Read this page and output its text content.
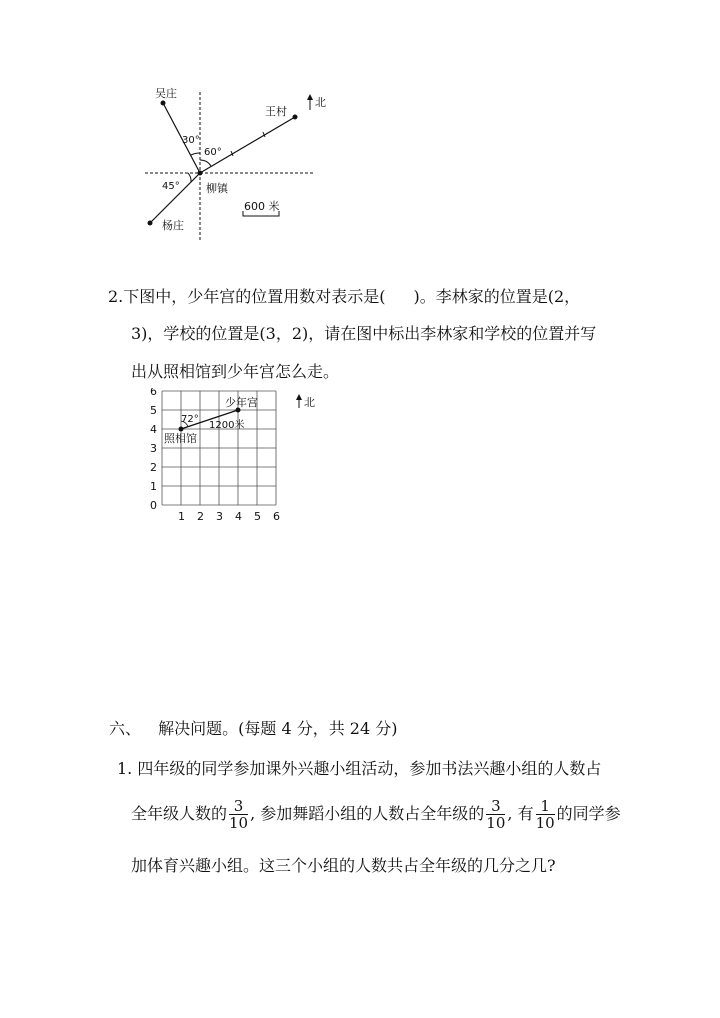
吴庄
王村
北
30°
60°
45° 柳镇
杨庄
600 米
2.下图中，少年宫的位置用数对表示是( )。李林家的位置是(2，
3)，学校的位置是(3，2)，请在图中标出李林家和学校的位置并写
出从照相馆到少年宫怎么走。
北
少年宫
照相馆
72°
1200米
6
5
4
3
2
1
0
1 2 3 4 5 6
六、 解决问题。(每题 4 分，共 24 分)
1. 四年级的同学参加课外兴趣小组活动，参加书法兴趣小组的人数占
全年级人数的 $\frac{3}{10}$ , 参加舞蹈小组的人数占全年级的 $\frac{3}{10}$ , 有 $\frac{1}{10}$ 的同学参
加体育兴趣小组。这三个小组的人数共占全年级的几分之几?
